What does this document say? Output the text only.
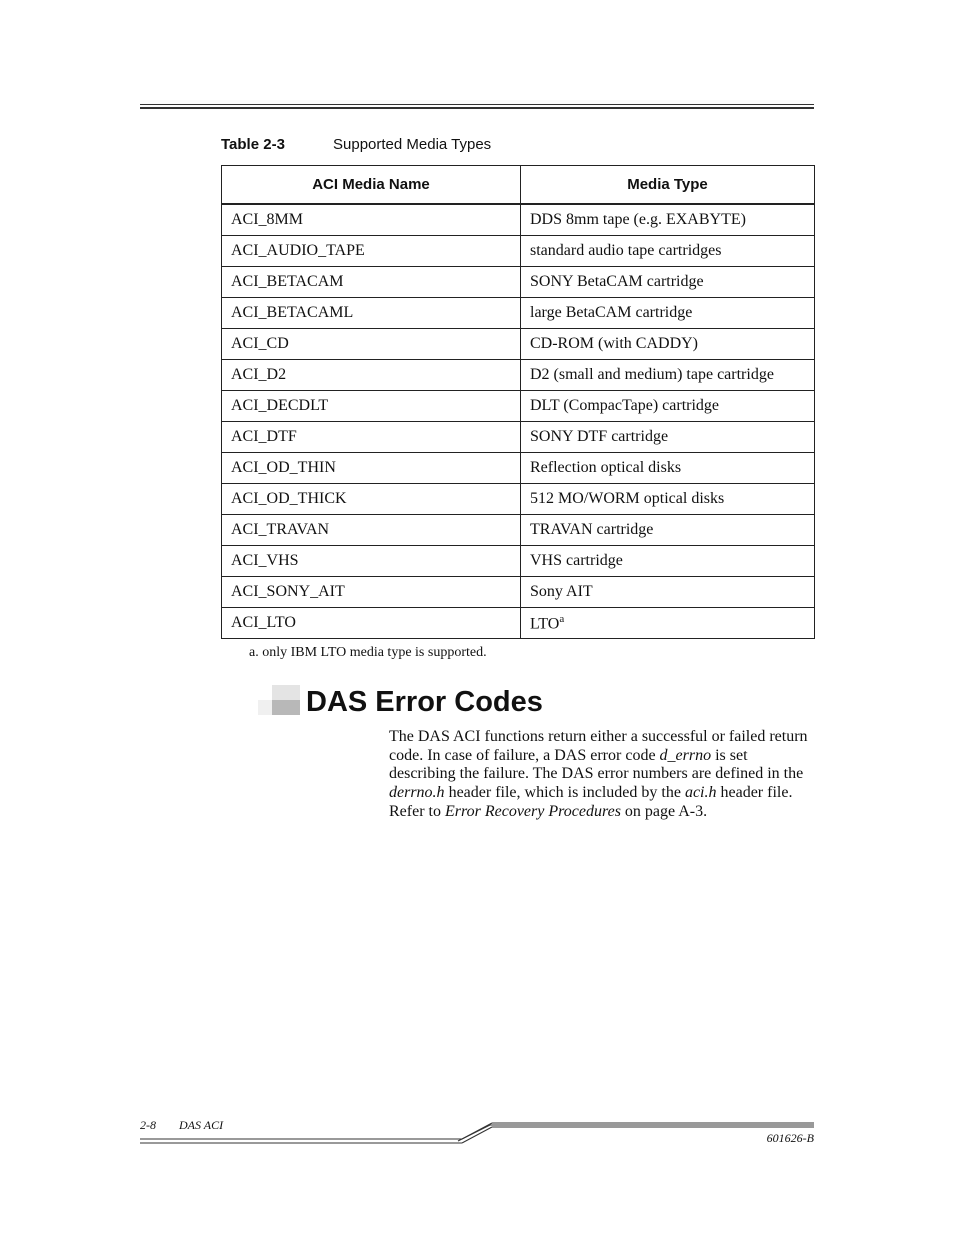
Table 2-3	Supported Media Types
ACI Media Name	Media Type
ACI_8MM	DDS 8mm tape (e.g. EXABYTE)
ACI_AUDIO_TAPE	standard audio tape cartridges
ACI_BETACAM	SONY BetaCAM cartridge
ACI_BETACAML	large BetaCAM cartridge
ACI_CD	CD-ROM (with CADDY)
ACI_D2	D2 (small and medium) tape cartridge
ACI_DECDLT	DLT (CompacTape) cartridge
ACI_DTF	SONY DTF cartridge
ACI_OD_THIN	Reflection optical disks
ACI_OD_THICK	512 MO/WORM optical disks
ACI_TRAVAN	TRAVAN cartridge
ACI_VHS	VHS cartridge
ACI_SONY_AIT	Sony AIT
ACI_LTO	LTO$^a$
a. only IBM LTO media type is supported.
DAS Error Codes

The DAS ACI functions return either a successful or failed return code. In case of failure, a DAS error code d_errno is set describing the failure. The DAS error numbers are defined in the derrno.h header file, which is included by the aci.h header file. Refer to Error Recovery Procedures on page A-3.

2-8 DAS ACI
601626-B
